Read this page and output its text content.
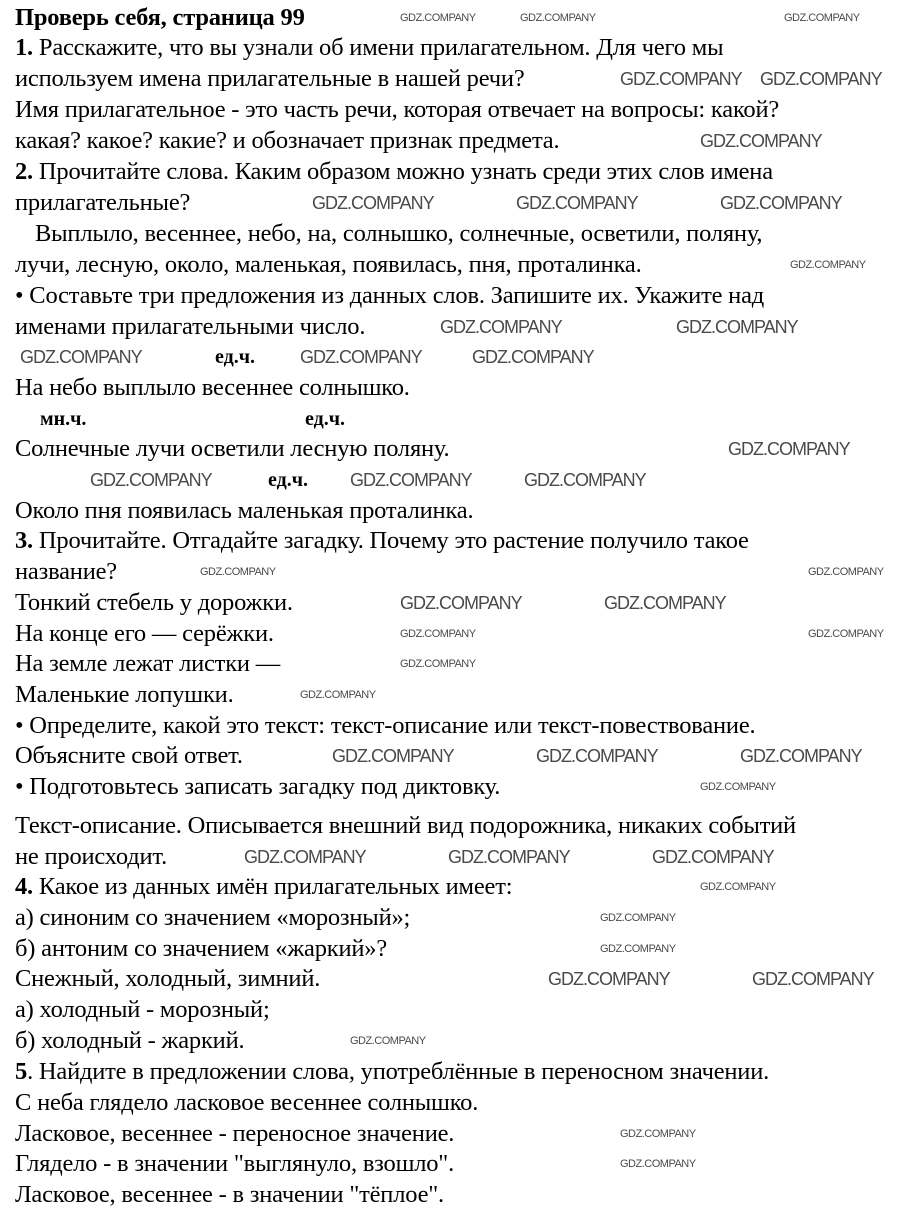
Проверь себя, страница 99
1. Расскажите, что вы узнали об имени прилагательном. Для чего мы
используем имена прилагательные в нашей речи?
Имя прилагательное - это часть речи, которая отвечает на вопросы: какой?
какая? какое? какие? и обозначает признак предмета.
2. Прочитайте слова. Каким образом можно узнать среди этих слов имена
прилагательные?
Выплыло, весеннее, небо, на, солнышко, солнечные, осветили, поляну,
лучи, лесную, около, маленькая, появилась, пня, проталинка.
• Составьте три предложения из данных слов. Запишите их. Укажите над
именами прилагательными число.
На небо выплыло весеннее солнышко.
Солнечные лучи осветили лесную поляну.
Около пня появилась маленькая проталинка.
3. Прочитайте. Отгадайте загадку. Почему это растение получило такое
название?
Тонкий стебель у дорожки.
На конце его — серёжки.
На земле лежат листки —
Маленькие лопушки.
• Определите, какой это текст: текст-описание или текст-повествование.
Объясните свой ответ.
• Подготовьтесь записать загадку под диктовку.
Текст-описание. Описывается внешний вид подорожника, никаких событий
не происходит.
4. Какое из данных имён прилагательных имеет:
а) синоним со значением «морозный»;
б) антоним со значением «жаркий»?
Снежный, холодный, зимний.
а) холодный - морозный;
б) холодный - жаркий.
5. Найдите в предложении слова, употреблённые в переносном значении.
С неба глядело ласковое весеннее солнышко.
Ласковое, весеннее - переносное значение.
Глядело - в значении "выглянуло, взошло".
Ласковое, весеннее - в значении "тёплое".
ед.ч.
мн.ч.	ед.ч.
ед.ч.
GDZ.COMPANY GDZ.COMPANY
GDZ.COMPANY
GDZ.COMPANY	GDZ.COMPANY	GDZ.COMPANY
GDZ.COMPANY	GDZ.COMPANY
GDZ.COMPANY	GDZ.COMPANY	GDZ.COMPANY
GDZ.COMPANY
GDZ.COMPANY	GDZ.COMPANY	GDZ.COMPANY
GDZ.COMPANY	GDZ.COMPANY
GDZ.COMPANY	GDZ.COMPANY	GDZ.COMPANY
GDZ.COMPANY	GDZ.COMPANY	GDZ.COMPANY
GDZ.COMPANY	GDZ.COMPANY
GDZ.COMPANY	GDZ.COMPANY	GDZ.COMPANY
GDZ.COMPANY
GDZ.COMPANY	GDZ.COMPANY
GDZ.COMPANY	GDZ.COMPANY
GDZ.COMPANY
GDZ.COMPANY
GDZ.COMPANY
GDZ.COMPANY
GDZ.COMPANY
GDZ.COMPANY
GDZ.COMPANY
GDZ.COMPANY
GDZ.COMPANY
